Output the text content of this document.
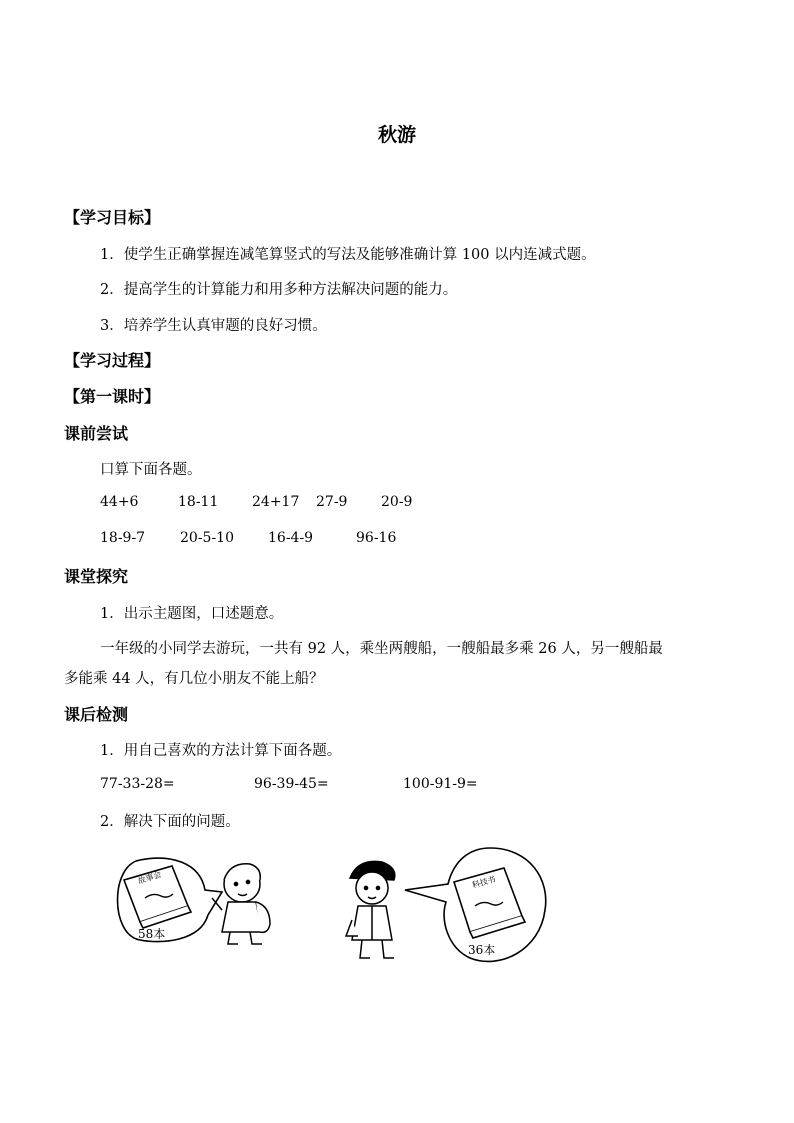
秋游
【学习目标】
1．使学生正确掌握连减笔算竖式的写法及能够准确计算 100 以内连减式题。
2．提高学生的计算能力和用多种方法解决问题的能力。
3．培养学生认真审题的良好习惯。
【学习过程】
【第一课时】
课前尝试
口算下面各题。
44+6	18-11 24+17 27-9 20-9
18-9-7 20-5-10 16-4-9	96-16
课堂探究
1．出示主题图，口述题意。
一年级的小同学去游玩，一共有 92 人，乘坐两艘船，一艘船最多乘 26 人，另一艘船最
多能乘 44 人，有几位小朋友不能上船？
课后检测
1．用自己喜欢的方法计算下面各题。
77-33-28=	96-39-45=	100-91-9=
2．解决下面的问题。
故事会
58本
科技书
36本
